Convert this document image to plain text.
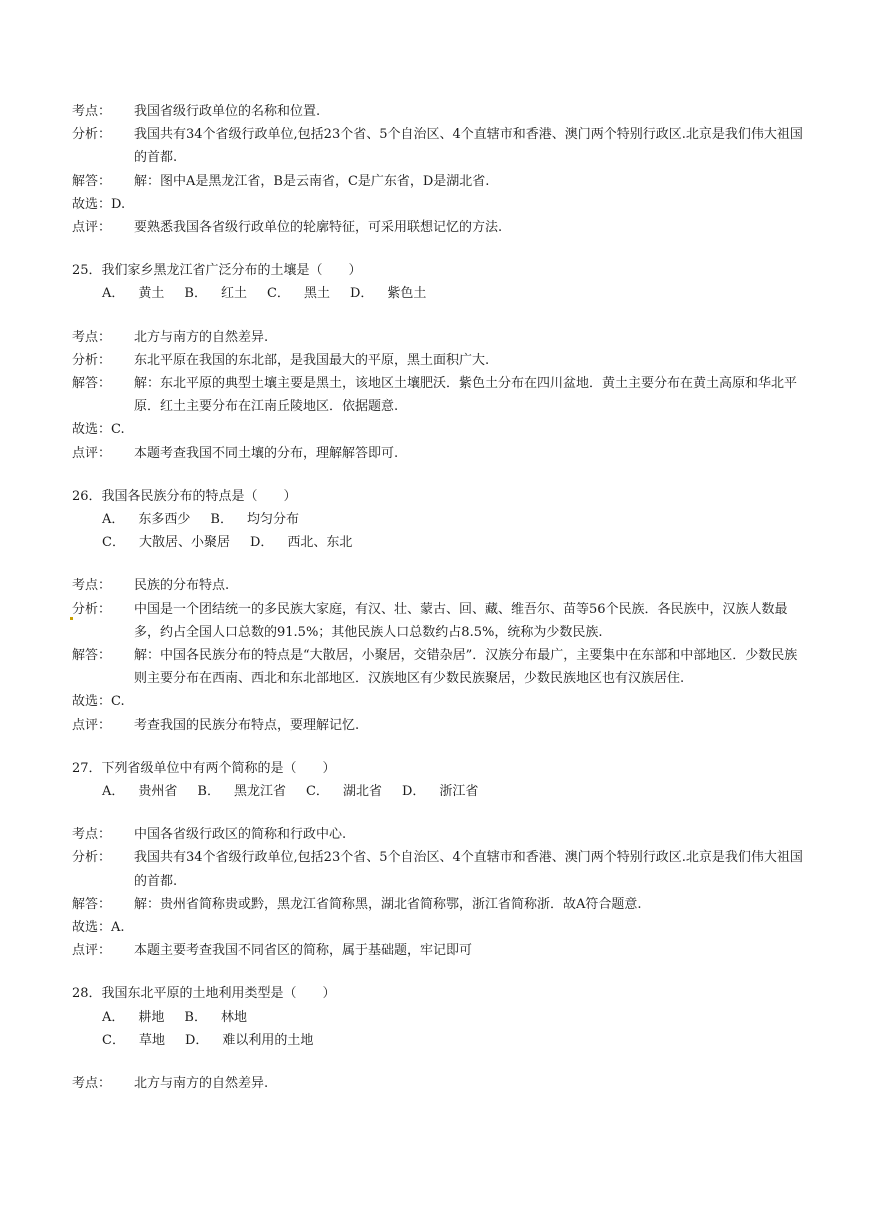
考点：	我国省级行政单位的名称和位置.
分析：	我国共有34个省级行政单位,包括23个省、5个自治区、4个直辖市和香港、澳门两个特别行政区.北京是我们伟大祖国的首都.
解答：	解：图中A是黑龙江省，B是云南省，C是广东省，D是湖北省.
故选：D.
点评：	要熟悉我国各省级行政单位的轮廓特征，可采用联想记忆的方法.
25．我们家乡黑龙江省广泛分布的土壤是（　　）
A． 黄土 B． 红土 C． 黑土 D． 紫色土
考点：	北方与南方的自然差异.
分析：	东北平原在我国的东北部，是我国最大的平原，黑土面积广大.
解答：	解：东北平原的典型土壤主要是黑土，该地区土壤肥沃．紫色土分布在四川盆地．黄土主要分布在黄土高原和华北平原．红土主要分布在江南丘陵地区．依据题意.
故选：C.
点评：	本题考查我国不同土壤的分布，理解解答即可.
26．我国各民族分布的特点是（　　）
A． 东多西少 B． 均匀分布
C． 大散居、小聚居 D． 西北、东北
考点：	民族的分布特点.
分析：	中国是一个团结统一的多民族大家庭，有汉、壮、蒙古、回、藏、维吾尔、苗等56个民族．各民族中，汉族人数最多，约占全国人口总数的91.5%；其他民族人口总数约占8.5%，统称为少数民族.
解答：	解：中国各民族分布的特点是“大散居，小聚居，交错杂居”．汉族分布最广，主要集中在东部和中部地区．少数民族则主要分布在西南、西北和东北部地区．汉族地区有少数民族聚居，少数民族地区也有汉族居住.
故选：C.
点评：	考查我国的民族分布特点，要理解记忆.
27．下列省级单位中有两个简称的是（　　）
A． 贵州省 B． 黑龙江省 C． 湖北省 D． 浙江省
考点：	中国各省级行政区的简称和行政中心.
分析：	我国共有34个省级行政单位,包括23个省、5个自治区、4个直辖市和香港、澳门两个特别行政区.北京是我们伟大祖国的首都.
解答：	解：贵州省简称贵或黔，黑龙江省简称黑，湖北省简称鄂，浙江省简称浙．故A符合题意.
故选：A.
点评：	本题主要考查我国不同省区的简称，属于基础题，牢记即可
28．我国东北平原的土地利用类型是（　　）
A． 耕地 B． 林地
C． 草地 D． 难以利用的土地
考点：	北方与南方的自然差异.
